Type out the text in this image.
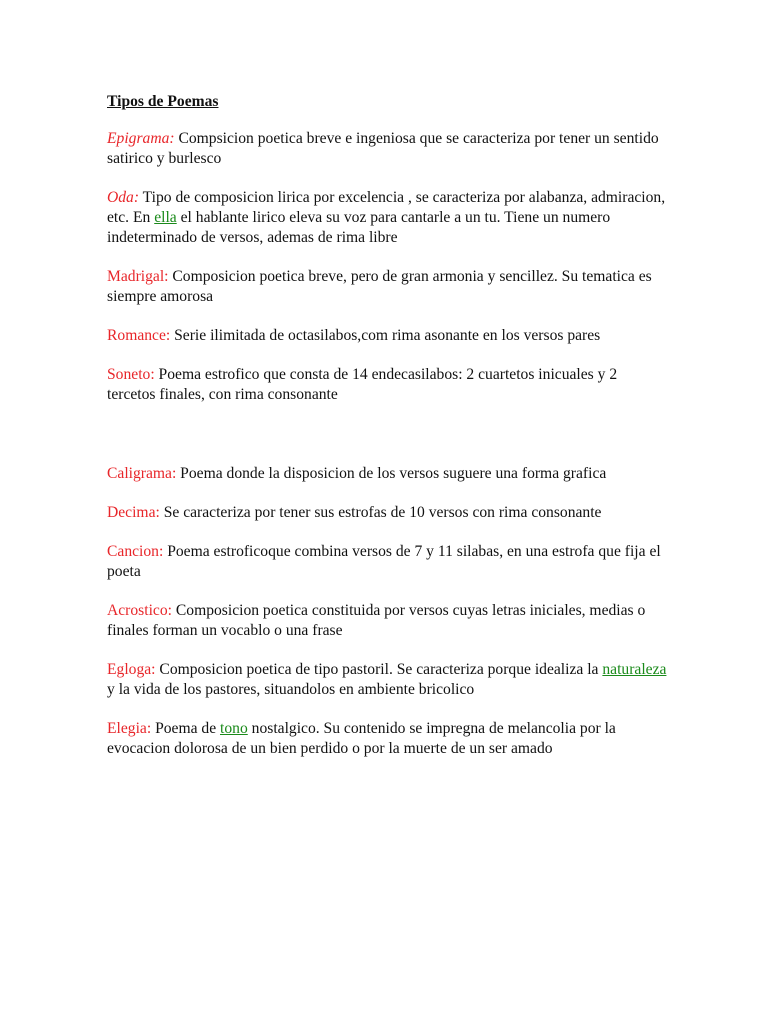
Tipos de Poemas

Epigrama: Compsicion poetica breve e ingeniosa que se caracteriza por tener un sentido satirico y burlesco

Oda: Tipo de composicion lirica por excelencia , se caracteriza por alabanza, admiracion, etc. En ella el hablante lirico eleva su voz para cantarle a un tu. Tiene un numero indeterminado de versos, ademas de rima libre

Madrigal: Composicion poetica breve, pero de gran armonia y sencillez. Su tematica es siempre amorosa

Romance: Serie ilimitada de octasilabos,com rima asonante en los versos pares

Soneto: Poema estrofico que consta de 14 endecasilabos: 2 cuartetos inicuales y 2 tercetos finales, con rima consonante

Caligrama: Poema donde la disposicion de los versos suguere una forma grafica

Decima: Se caracteriza por tener sus estrofas de 10 versos con rima consonante

Cancion: Poema estroficoque combina versos de 7 y 11 silabas, en una estrofa que fija el poeta

Acrostico: Composicion poetica constituida por versos cuyas letras iniciales, medias o finales forman un vocablo o una frase

Egloga: Composicion poetica de tipo pastoril. Se caracteriza porque idealiza la naturaleza y la vida de los pastores, situandolos en ambiente bricolico

Elegia: Poema de tono nostalgico. Su contenido se impregna de melancolia por la evocacion dolorosa de un bien perdido o por la muerte de un ser amado
